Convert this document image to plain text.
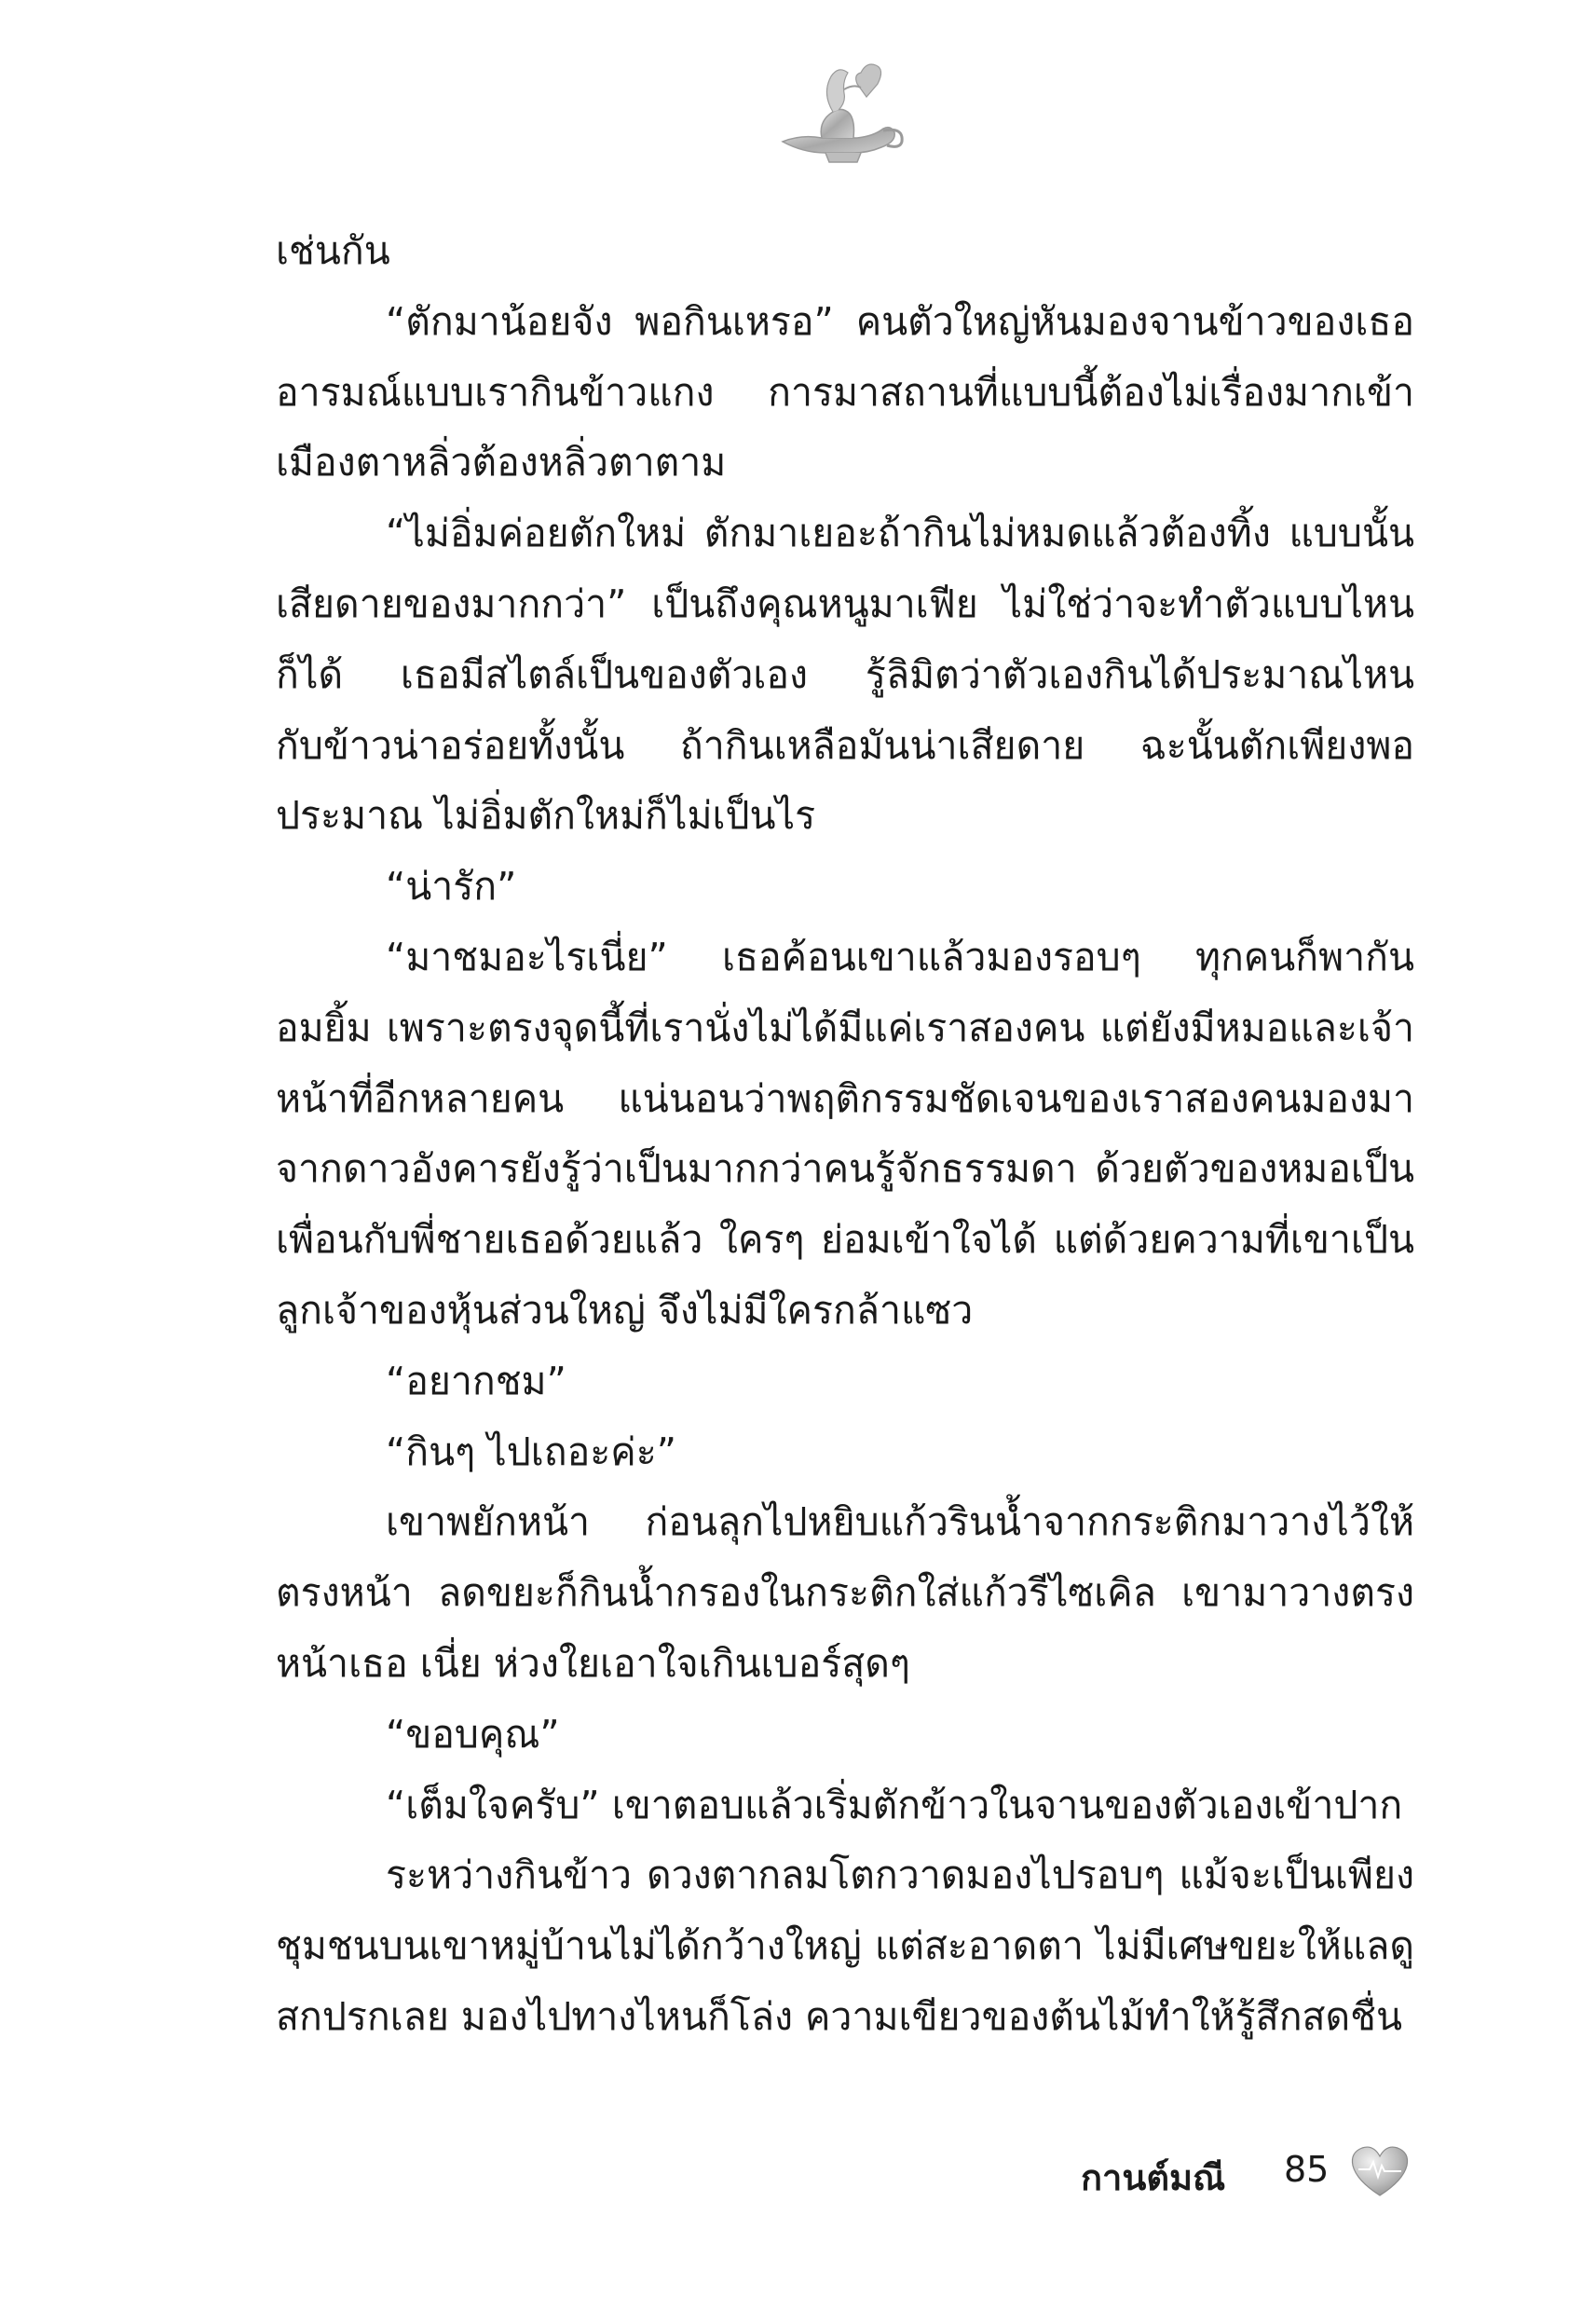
เช่นกัน

“ตักมาน้อยจัง พอกินเหรอ” คนตัวใหญ่หันมองจานข้าวของเธออารมณ์แบบเรากินข้าวแกง การมาสถานที่แบบนี้ต้องไม่เรื่องมากเข้าเมืองตาหลิ่วต้องหลิ่วตาตาม

“ไม่อิ่มค่อยตักใหม่ ตักมาเยอะถ้ากินไม่หมดแล้วต้องทิ้ง แบบนั้นเสียดายของมากกว่า” เป็นถึงคุณหนูมาเฟีย ไม่ใช่ว่าจะทำตัวแบบไหนก็ได้ เธอมีสไตล์เป็นของตัวเอง รู้ลิมิตว่าตัวเองกินได้ประมาณไหนกับข้าวน่าอร่อยทั้งนั้น ถ้ากินเหลือมันน่าเสียดาย ฉะนั้นตักเพียงพอประมาณ ไม่อิ่มตักใหม่ก็ไม่เป็นไร

“น่ารัก”

“มาชมอะไรเนี่ย” เธอค้อนเขาแล้วมองรอบๆ ทุกคนก็พากันอมยิ้ม เพราะตรงจุดนี้ที่เรานั่งไม่ได้มีแค่เราสองคน แต่ยังมีหมอและเจ้าหน้าที่อีกหลายคน แน่นอนว่าพฤติกรรมชัดเจนของเราสองคนมองมาจากดาวอังคารยังรู้ว่าเป็นมากกว่าคนรู้จักธรรมดา ด้วยตัวของหมอเป็นเพื่อนกับพี่ชายเธอด้วยแล้ว ใครๆ ย่อมเข้าใจได้ แต่ด้วยความที่เขาเป็นลูกเจ้าของหุ้นส่วนใหญ่ จึงไม่มีใครกล้าแซว

“อยากชม”

“กินๆ ไปเถอะค่ะ”

เขาพยักหน้า ก่อนลุกไปหยิบแก้วรินน้ำจากกระติกมาวางไว้ให้ตรงหน้า ลดขยะก็กินน้ำกรองในกระติกใส่แก้วรีไซเคิล เขามาวางตรงหน้าเธอ เนี่ย ห่วงใยเอาใจเกินเบอร์สุดๆ

“ขอบคุณ”

“เต็มใจครับ” เขาตอบแล้วเริ่มตักข้าวในจานของตัวเองเข้าปาก

ระหว่างกินข้าว ดวงตากลมโตกวาดมองไปรอบๆ แม้จะเป็นเพียงชุมชนบนเขาหมู่บ้านไม่ได้กว้างใหญ่ แต่สะอาดตา ไม่มีเศษขยะให้แลดูสกปรกเลย มองไปทางไหนก็โล่ง ความเขียวของต้นไม้ทำให้รู้สึกสดชื่น

กานต์มณี 85
